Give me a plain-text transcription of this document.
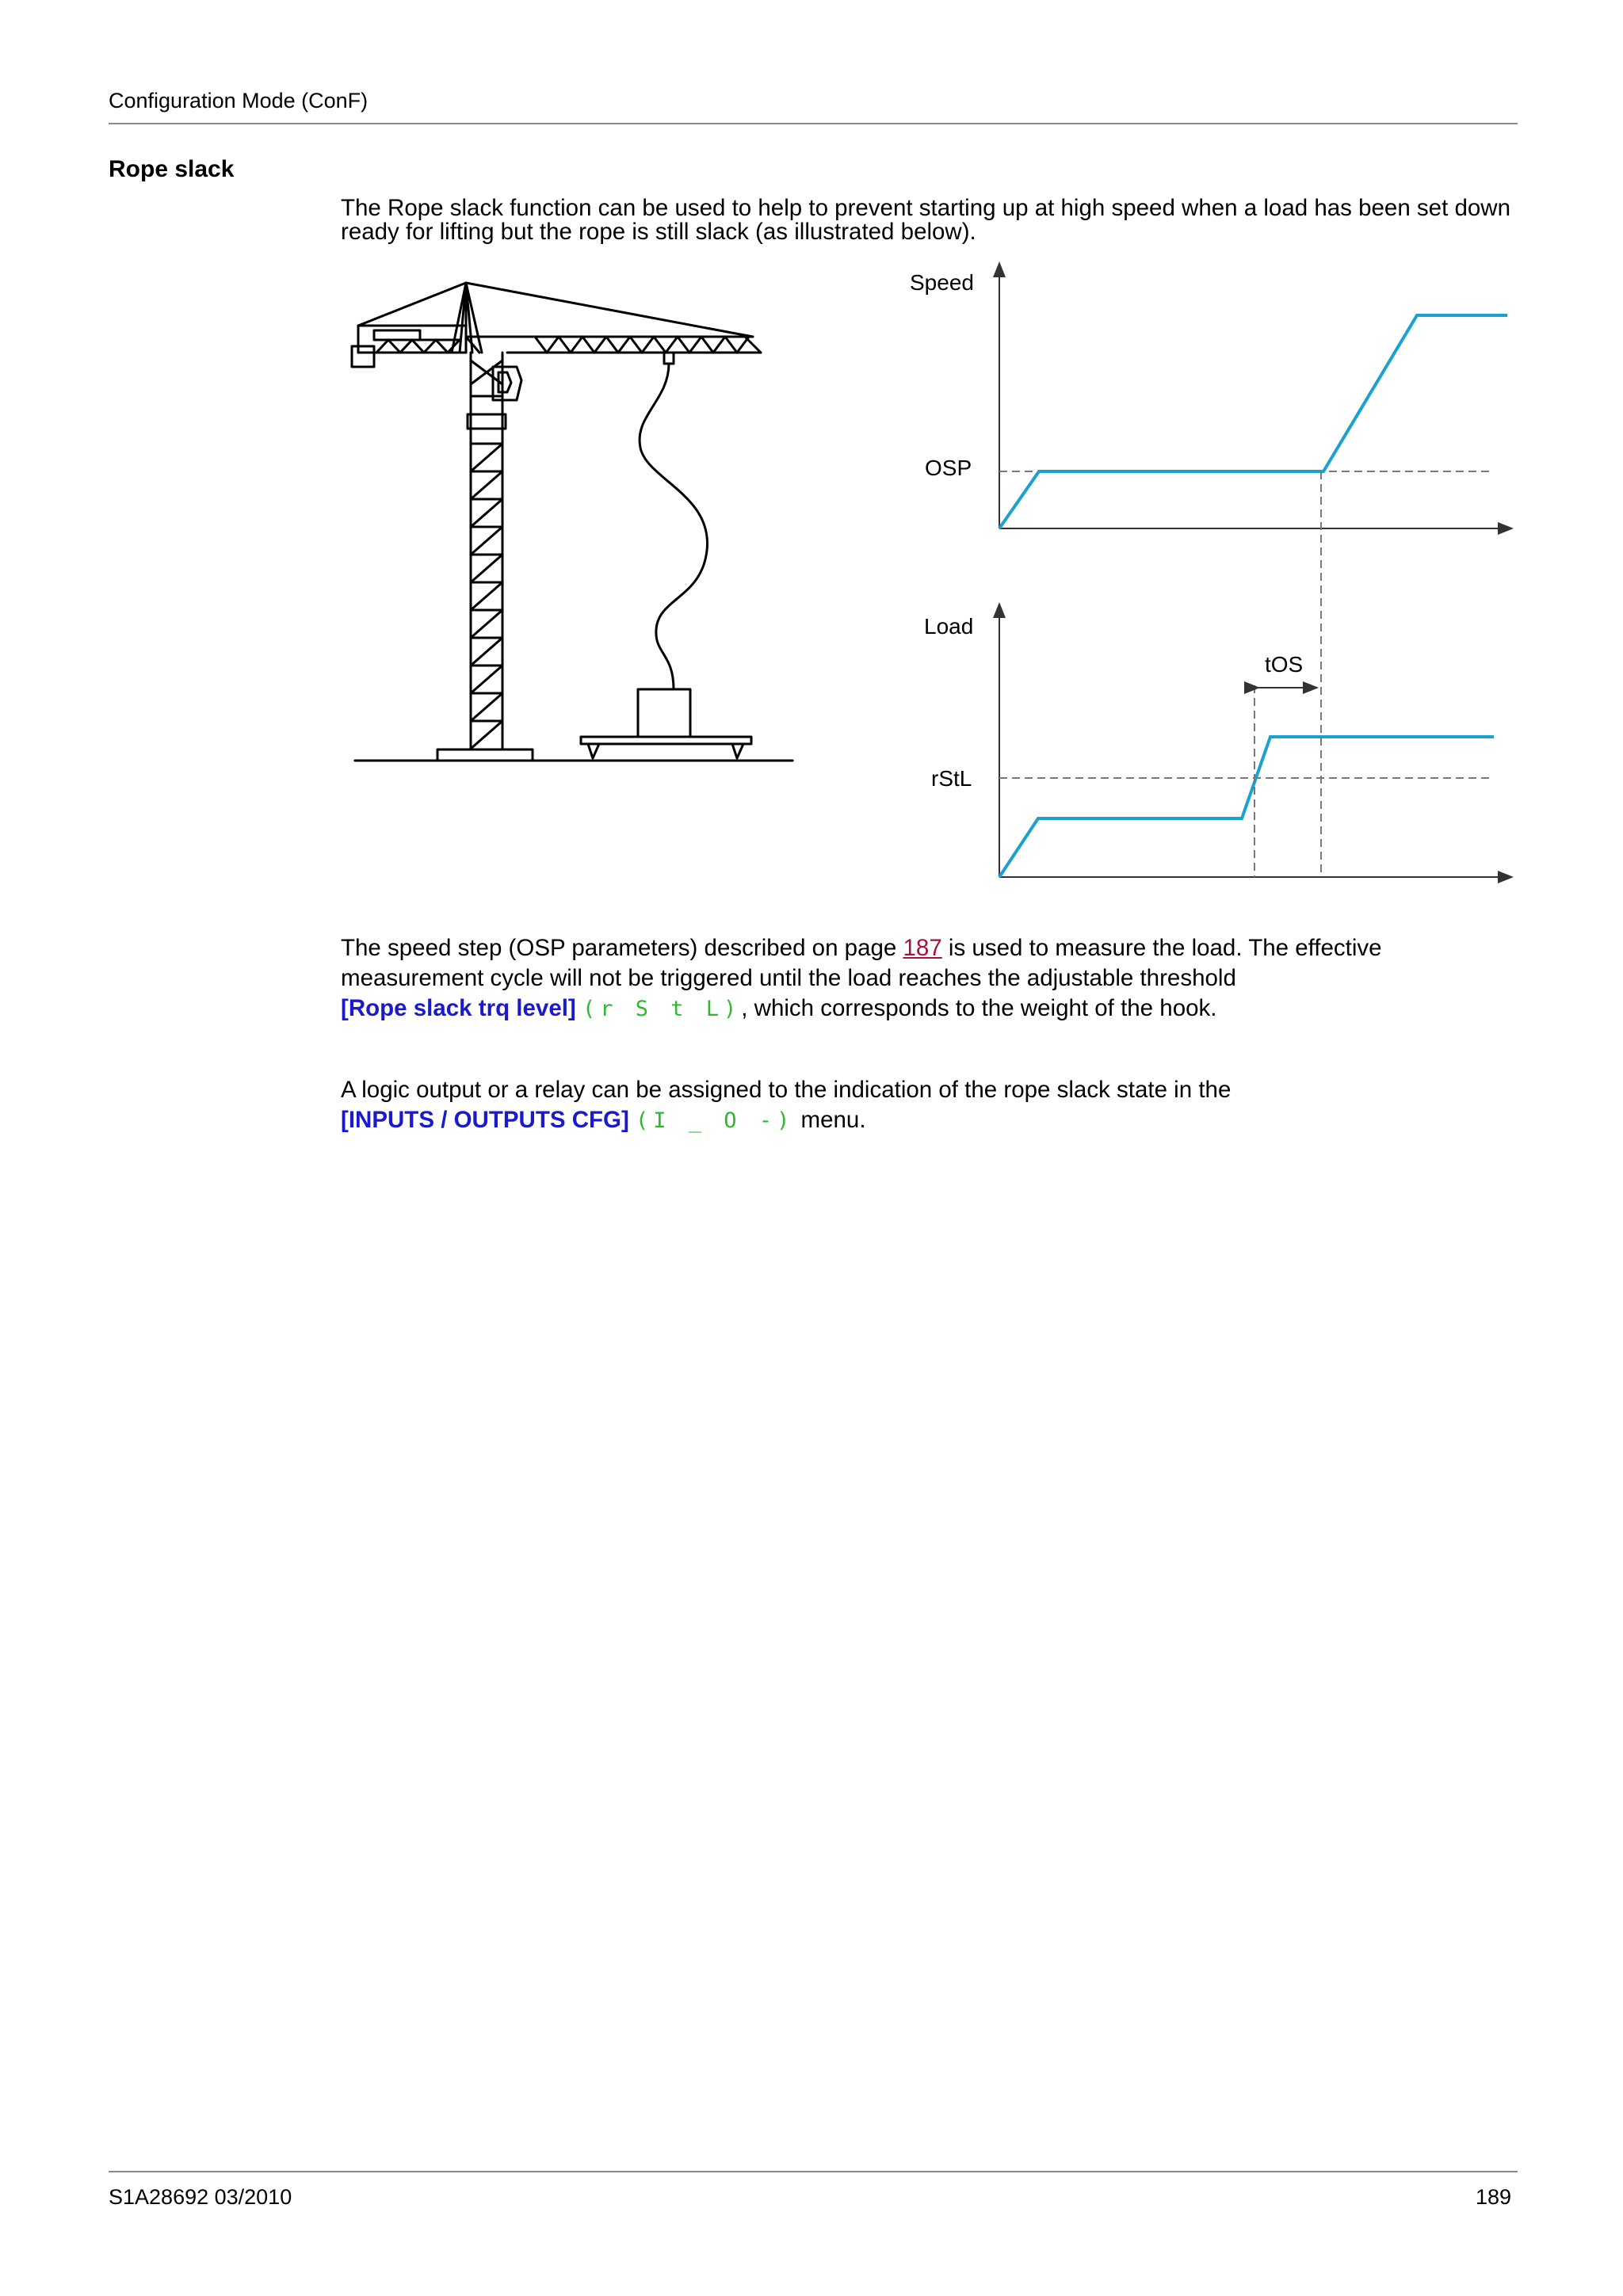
Configuration Mode (ConF)
Rope slack
The Rope slack function can be used to help to prevent starting up at high speed when a load has been set down ready for lifting but the rope is still slack (as illustrated below).
Speed
OSP
Load
rStL
tOS
The speed step (OSP parameters) described on page 187 is used to measure the load. The effective measurement cycle will not be triggered until the load reaches the adjustable threshold
[Rope slack trq level] (r S t L), which corresponds to the weight of the hook.
A logic output or a relay can be assigned to the indication of the rope slack state in the
[INPUTS / OUTPUTS CFG] (I _ O -) menu.
S1A28692 03/2010	189
